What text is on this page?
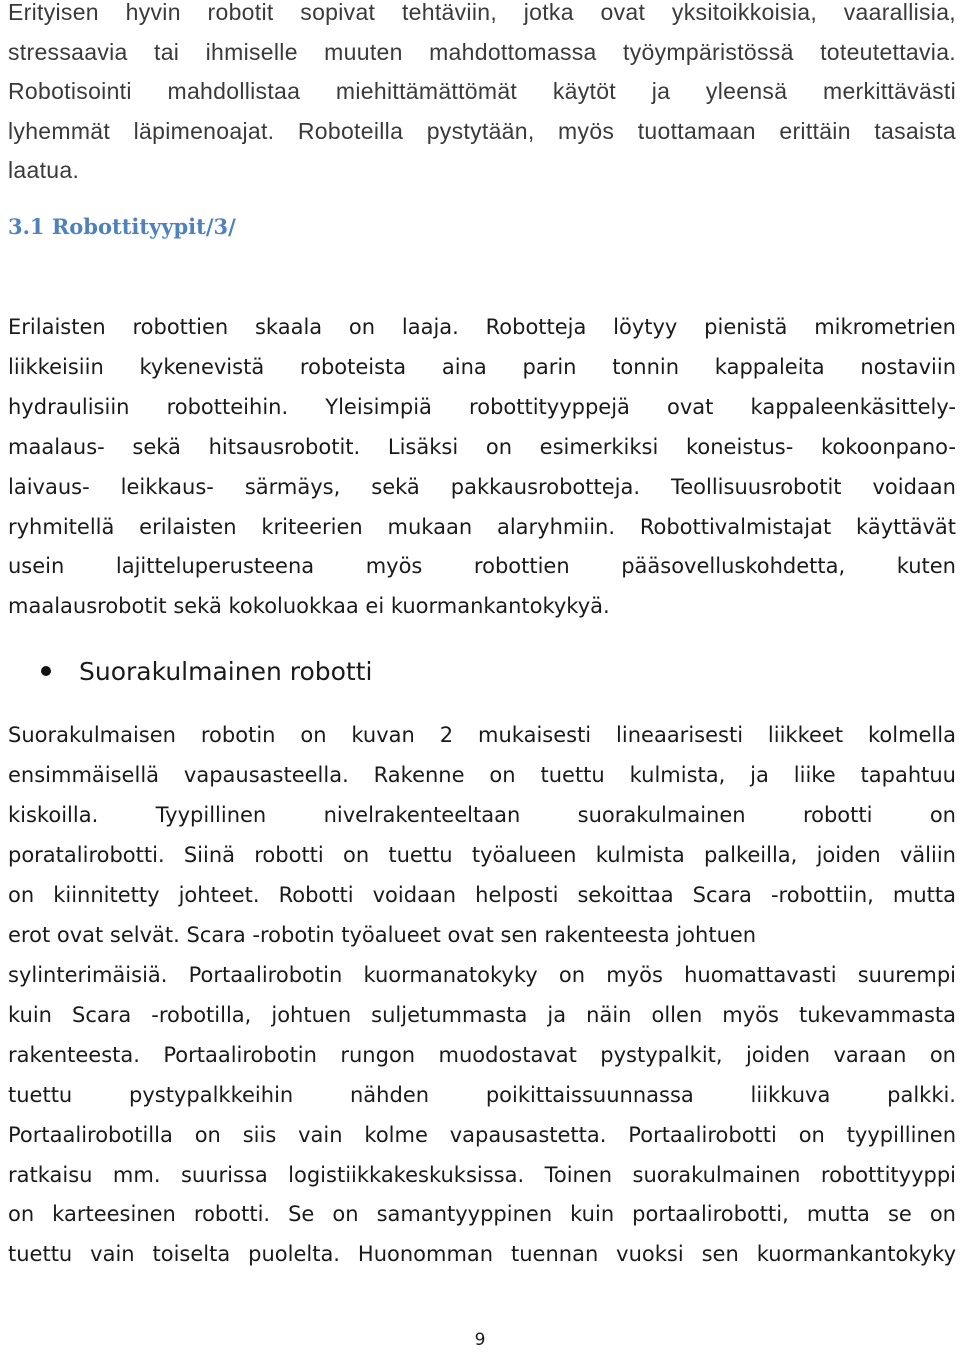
Erityisen hyvin robotit sopivat tehtäviin, jotka ovat yksitoikkoisia, vaarallisia,

stressaavia tai ihmiselle muuten mahdottomassa työympäristössä toteutettavia.

Robotisointi mahdollistaa miehittämättömät käytöt ja yleensä merkittävästi

lyhemmät läpimenoajat. Roboteilla pystytään, myös tuottamaan erittäin tasaista

laatua.

3.1 Robottityypit/3/

Erilaisten robottien skaala on laaja. Robotteja löytyy pienistä mikrometrien

liikkeisiin kykenevistä roboteista aina parin tonnin kappaleita nostaviin

hydraulisiin robotteihin. Yleisimpiä robottityyppejä ovat kappaleenkäsittely-

maalaus- sekä hitsausrobotit. Lisäksi on esimerkiksi koneistus- kokoonpano-

laivaus- leikkaus- särmäys, sekä pakkausrobotteja. Teollisuusrobotit voidaan

ryhmitellä erilaisten kriteerien mukaan alaryhmiin. Robottivalmistajat käyttävät

usein lajitteluperusteena myös robottien pääsovelluskohdetta, kuten

maalausrobotit sekä kokoluokkaa ei kuormankantokykyä.

Suorakulmainen robotti

Suorakulmaisen robotin on kuvan 2 mukaisesti lineaarisesti liikkeet kolmella

ensimmäisellä vapausasteella. Rakenne on tuettu kulmista, ja liike tapahtuu

kiskoilla. Tyypillinen nivelrakenteeltaan suorakulmainen robotti on

poratalirobotti. Siinä robotti on tuettu työalueen kulmista palkeilla, joiden väliin

on kiinnitetty johteet. Robotti voidaan helposti sekoittaa Scara -robottiin, mutta

erot ovat selvät. Scara -robotin työalueet ovat sen rakenteesta johtuen

sylinterimäisiä. Portaalirobotin kuormanatokyky on myös huomattavasti suurempi

kuin Scara -robotilla, johtuen suljetummasta ja näin ollen myös tukevammasta

rakenteesta. Portaalirobotin rungon muodostavat pystypalkit, joiden varaan on

tuettu pystypalkkeihin nähden poikittaissuunnassa liikkuva palkki.

Portaalirobotilla on siis vain kolme vapausastetta. Portaalirobotti on tyypillinen

ratkaisu mm. suurissa logistiikkakeskuksissa. Toinen suorakulmainen robottityyppi

on karteesinen robotti. Se on samantyyppinen kuin portaalirobotti, mutta se on

tuettu vain toiselta puolelta. Huonomman tuennan vuoksi sen kuormankantokyky

9
